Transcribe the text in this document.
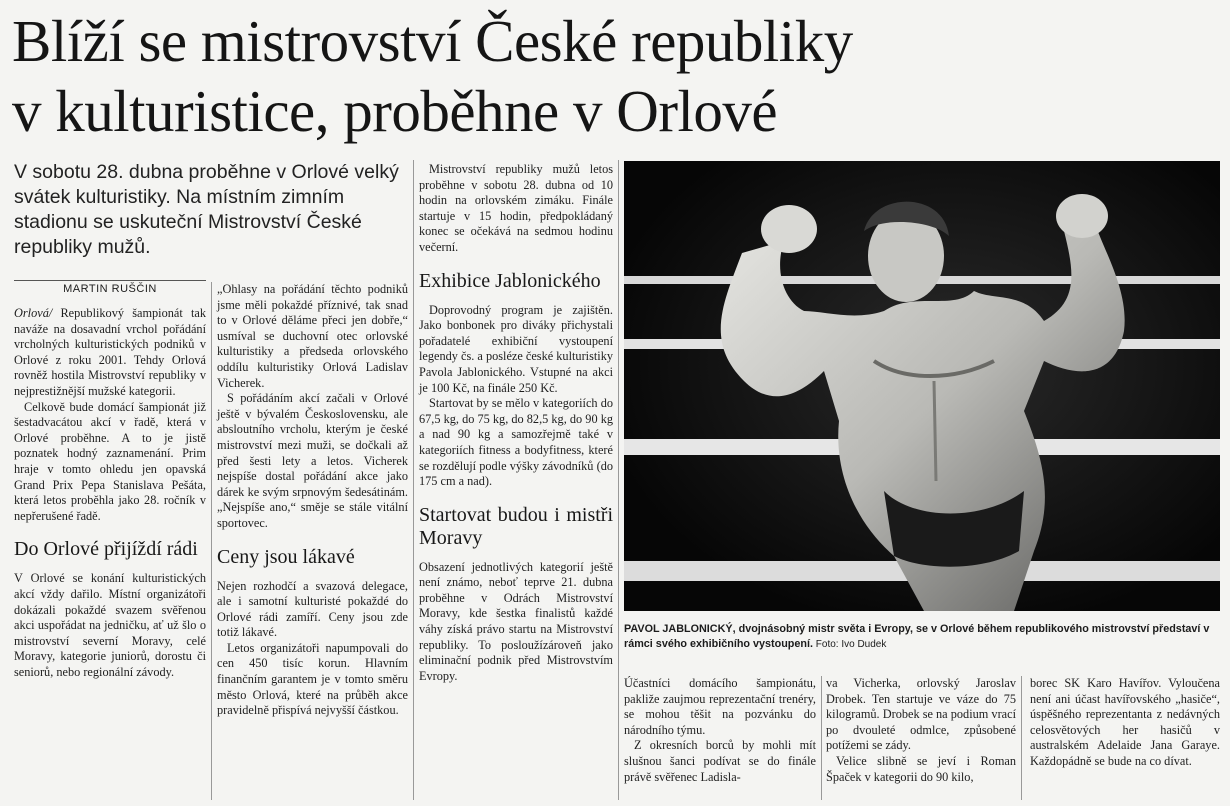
Blíží se mistrovství České republiky
v kulturistice, proběhne v Orlové
V sobotu 28. dubna proběhne v Orlové velký svátek kulturistiky. Na místním zimním stadionu se uskuteční Mistrovství České republiky mužů.
MARTIN RUŠČIN

Orlová/ Republikový šampionát tak naváže na dosavadní vrchol pořádání vrcholných kulturistických podniků v Orlové z roku 2001. Tehdy Orlová rovněž hostila Mistrovství republiky v nejprestižnější mužské kategorii.

Celkově bude domácí šampionát již šestadvacátou akcí v řadě, která v Orlové proběhne. A to je jistě poznatek hodný zaznamenání. Prim hraje v tomto ohledu jen opavská Grand Prix Pepa Stanislava Pešáta, která letos proběhla jako 28. ročník v nepřerušené řadě.

Do Orlové přijíždí rádi

V Orlové se konání kulturistických akcí vždy dařilo. Místní organizátoři dokázali pokaždé svazem svěřenou akci uspořádat na jedničku, ať už šlo o mistrovství severní Moravy, celé Moravy, kategorie juniorů, dorostu či seniorů, nebo regionální závody.

„Ohlasy na pořádání těchto podniků jsme měli pokaždé příznivé, tak snad to v Orlové děláme přeci jen dobře,“ usmíval se duchovní otec orlovské kulturistiky a předseda orlovského oddílu kulturistiky Orlová Ladislav Vicherek.

S pořádáním akcí začali v Orlové ještě v bývalém Československu, ale absloutního vrcholu, kterým je české mistrovství mezi muži, se dočkali až před šesti lety a letos. Vicherek nejspíše dostal pořádání akce jako dárek ke svým srpnovým šedesátinám. „Nejspíše ano,“ směje se stále vitální sportovec.

Ceny jsou lákavé

Nejen rozhodčí a svazová delegace, ale i samotní kulturisté pokaždé do Orlové rádi zamíří. Ceny jsou zde totiž lákavé.

Letos organizátoři napumpovali do cen 450 tisíc korun. Hlavním finančním garantem je v tomto směru město Orlová, které na průběh akce pravidelně přispívá nejvyšší částkou.

Mistrovství republiky mužů letos proběhne v sobotu 28. dubna od 10 hodin na orlovském zimáku. Finále startuje v 15 hodin, předpokládaný konec se očekává na sedmou hodinu večerní.

Exhibice Jablonického

Doprovodný program je zajištěn. Jako bonbonek pro diváky přichystali pořadatelé exhibiční vystoupení legendy čs. a posléze české kulturistiky Pavola Jablonického. Vstupné na akci je 100 Kč, na finále 250 Kč.

Startovat by se mělo v kategoriích do 67,5 kg, do 75 kg, do 82,5 kg, do 90 kg a nad 90 kg a samozřejmě také v kategoriích fitness a bodyfitness, které se rozdělují podle výšky závodníků (do 175 cm a nad).

Startovat budou i mistři Moravy

Obsazení jednotlivých kategorií ještě není známo, neboť teprve 21. dubna proběhne v Odrách Mistrovství Moravy, kde šestka finalistů každé váhy získá právo startu na Mistrovství republiky. To posloužízároveň jako eliminační podnik před Mistrovstvím Evropy.

PAVOL JABLONICKÝ, dvojnásobný mistr světa i Evropy, se v Orlové během republikového mistrovství představí v rámci svého exhibičního vystoupení. Foto: Ivo Dudek

Účastníci domácího šampionátu, pakliže zaujmou reprezentační trenéry, se mohou těšit na pozvánku do národního týmu.

Z okresních borců by mohli mít slušnou šanci podívat se do finále právě svěřenec Ladisla-

va Vicherka, orlovský Jaroslav Drobek. Ten startuje ve váze do 75 kilogramů. Drobek se na podium vrací po dvouleté odmlce, způsobené potížemi se zády.

Velice slibně se jeví i Roman Špaček v kategorii do 90 kilo,

borec SK Karo Havířov. Vyloučena není ani účast havířovského „hasiče“, úspěšného reprezentanta z nedávných celosvětových her hasičů v australském Adelaide Jana Garaye. Každopádně se bude na co dívat.
